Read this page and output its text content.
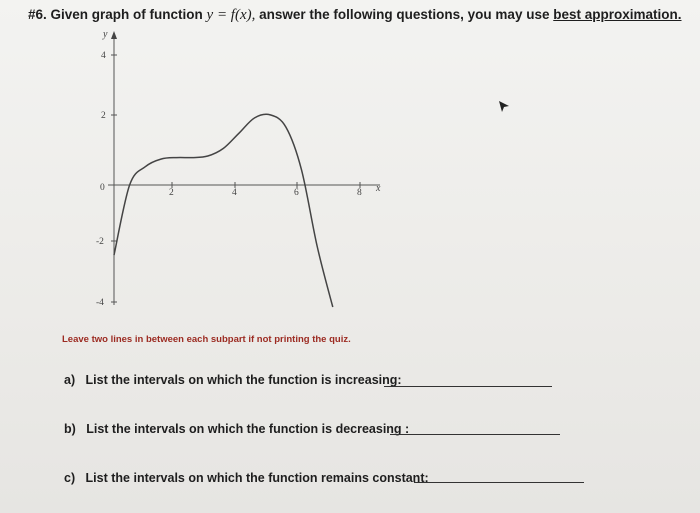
#6. Given graph of function y = f(x), answer the following questions, you may use best approximation.
y
x
4
2
-2
-4
0	2	4	6	8
Leave two lines in between each subpart if not printing the quiz.
a) List the intervals on which the function is increasing:
b) List the intervals on which the function is decreasing :
c) List the intervals on which the function remains constant:
